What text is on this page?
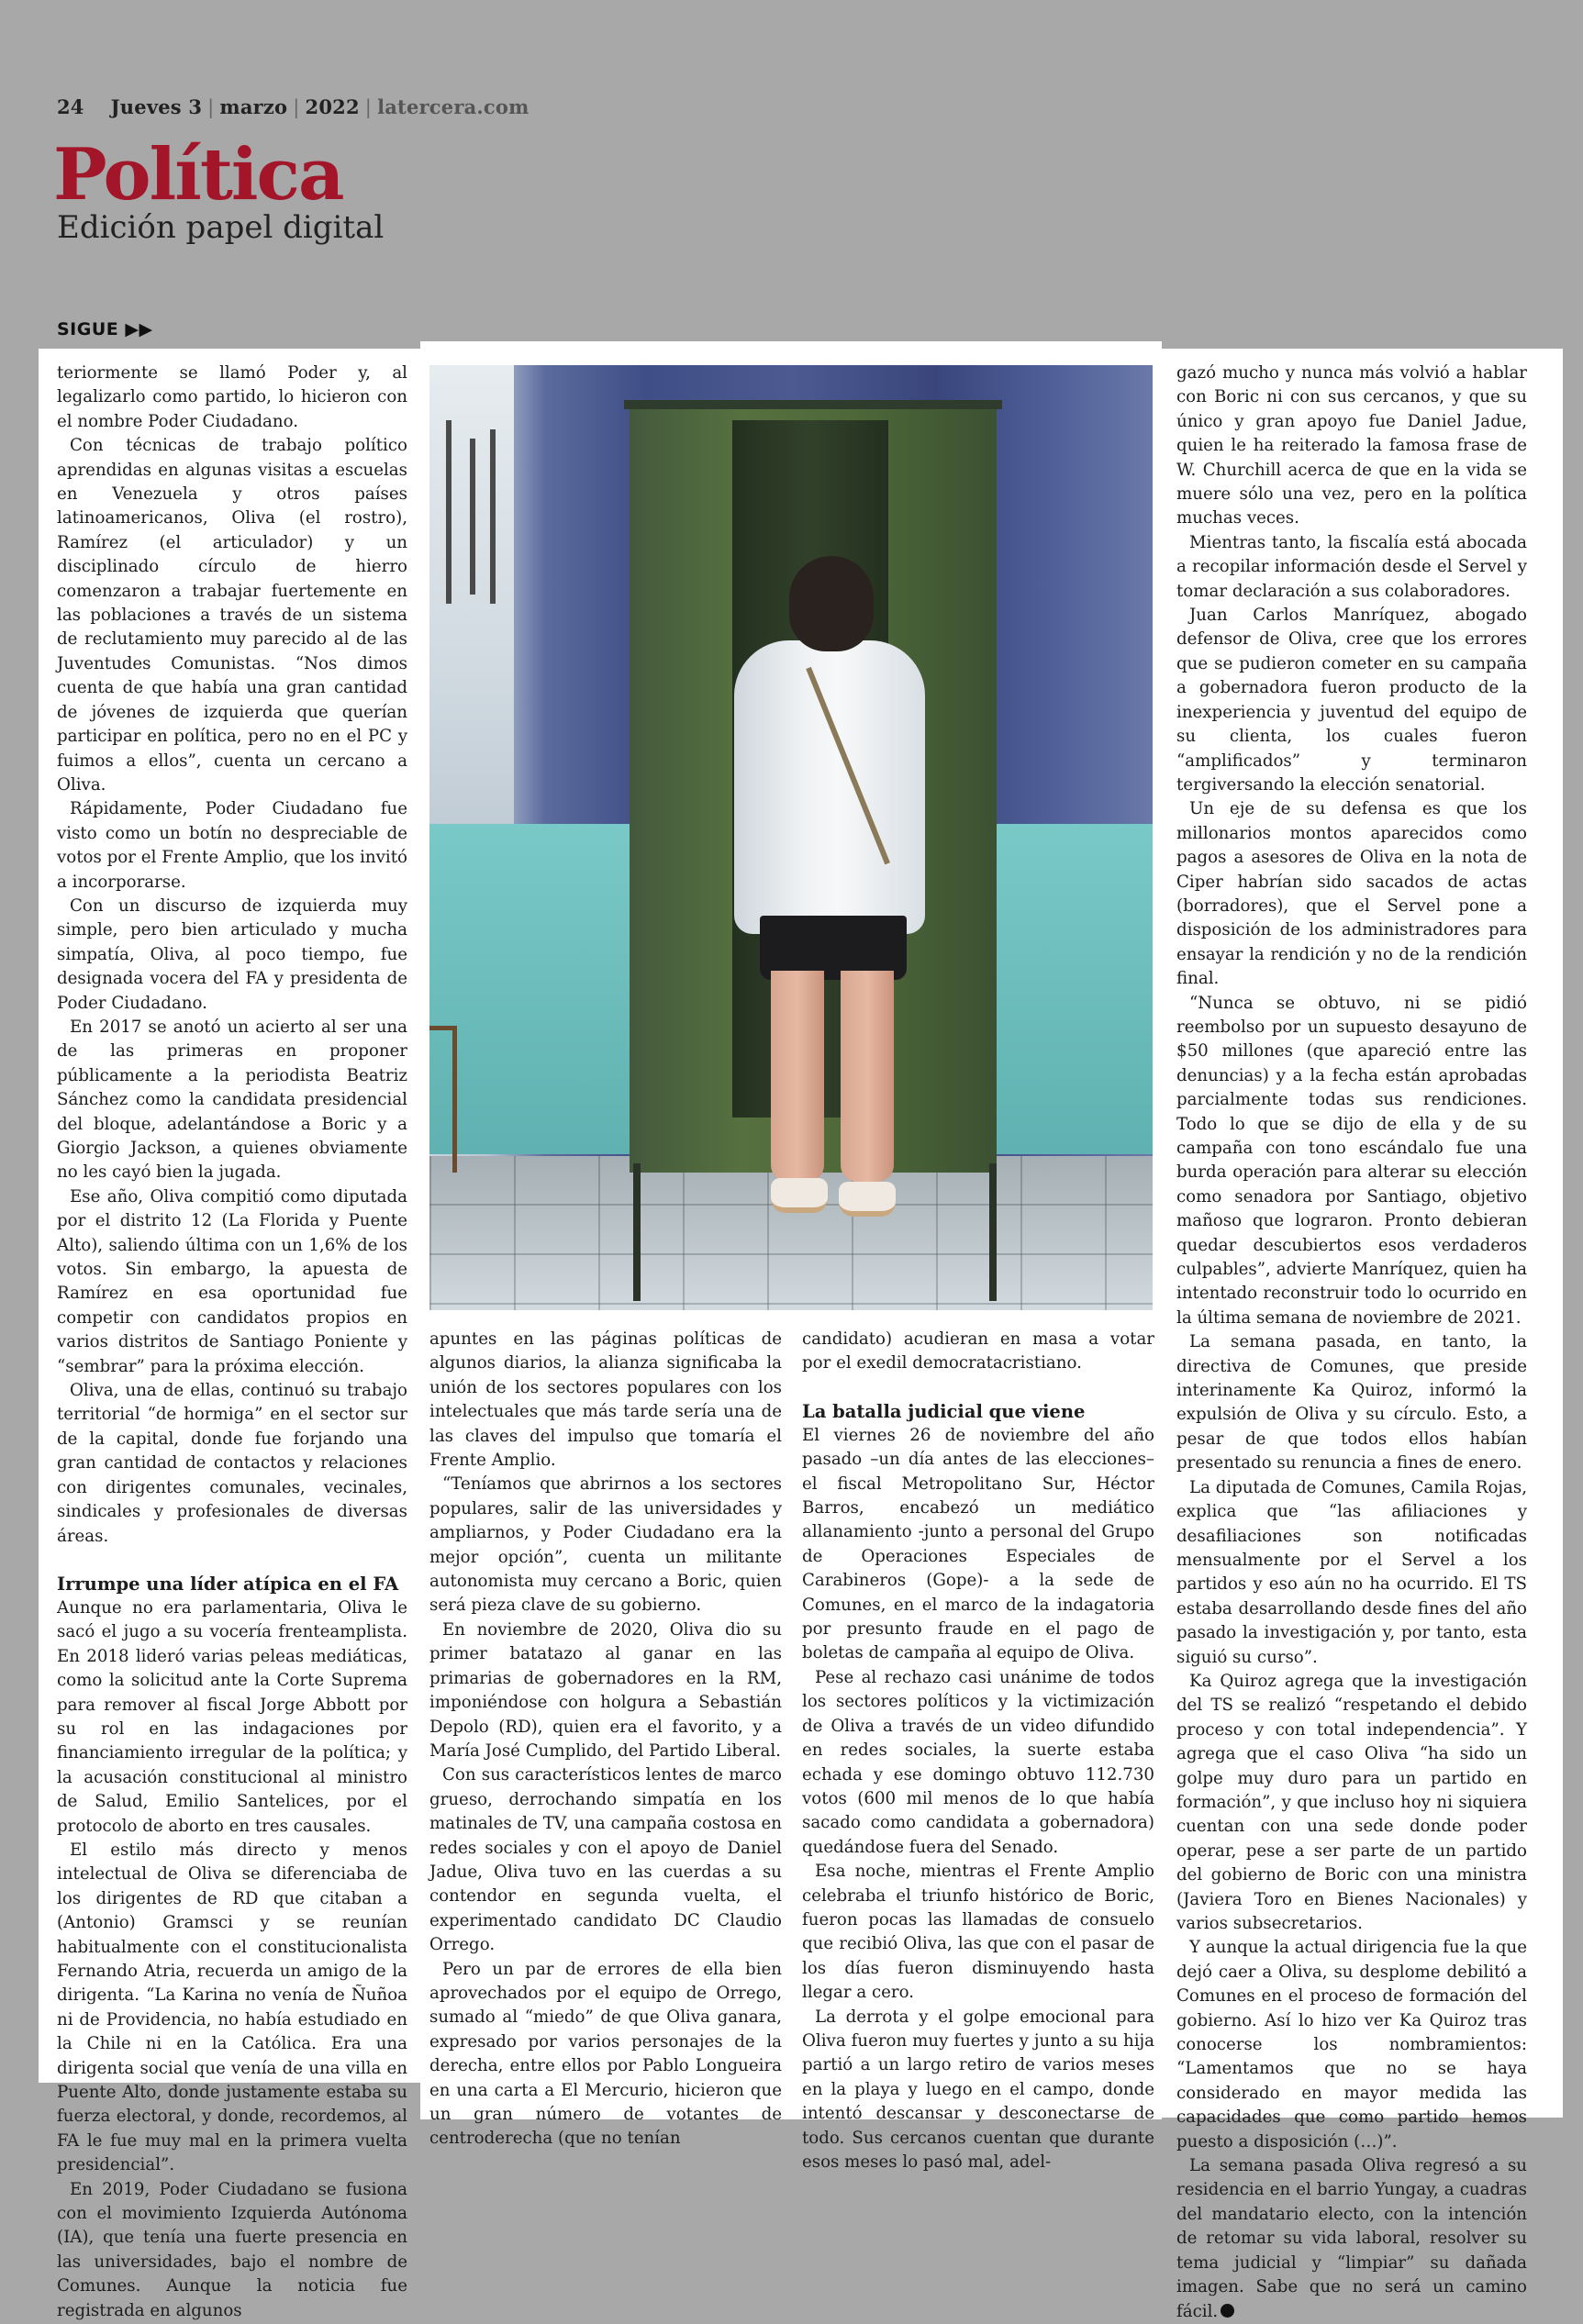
24 Jueves 3 | marzo | 2022 | latercera.com
Política
Edición papel digital
SIGUE ▶▶

teriormente se llamó Poder y, al legalizarlo como partido, lo hicieron con el nombre Poder Ciudadano.

Con técnicas de trabajo político aprendidas en algunas visitas a escuelas en Venezuela y otros países latinoamericanos, Oliva (el rostro), Ramírez (el articulador) y un disciplinado círculo de hierro comenzaron a trabajar fuertemente en las poblaciones a través de un sistema de reclutamiento muy parecido al de las Juventudes Comunistas. “Nos dimos cuenta de que había una gran cantidad de jóvenes de izquierda que querían participar en política, pero no en el PC y fuimos a ellos”, cuenta un cercano a Oliva.

Rápidamente, Poder Ciudadano fue visto como un botín no despreciable de votos por el Frente Amplio, que los invitó a incorporarse.

Con un discurso de izquierda muy simple, pero bien articulado y mucha simpatía, Oliva, al poco tiempo, fue designada vocera del FA y presidenta de Poder Ciudadano.

En 2017 se anotó un acierto al ser una de las primeras en proponer públicamente a la periodista Beatriz Sánchez como la candidata presidencial del bloque, adelantándose a Boric y a Giorgio Jackson, a quienes obviamente no les cayó bien la jugada.

Ese año, Oliva compitió como diputada por el distrito 12 (La Florida y Puente Alto), saliendo última con un 1,6% de los votos. Sin embargo, la apuesta de Ramírez en esa oportunidad fue competir con candidatos propios en varios distritos de Santiago Poniente y “sembrar” para la próxima elección.

Oliva, una de ellas, continuó su trabajo territorial “de hormiga” en el sector sur de la capital, donde fue forjando una gran cantidad de contactos y relaciones con dirigentes comunales, vecinales, sindicales y profesionales de diversas áreas.

Irrumpe una líder atípica en el FA

Aunque no era parlamentaria, Oliva le sacó el jugo a su vocería frenteamplista. En 2018 lideró varias peleas mediáticas, como la solicitud ante la Corte Suprema para remover al fiscal Jorge Abbott por su rol en las indagaciones por financiamiento irregular de la política; y la acusación constitucional al ministro de Salud, Emilio Santelices, por el protocolo de aborto en tres causales.

El estilo más directo y menos intelectual de Oliva se diferenciaba de los dirigentes de RD que citaban a (Antonio) Gramsci y se reunían habitualmente con el constitucionalista Fernando Atria, recuerda un amigo de la dirigenta. “La Karina no venía de Ñuñoa ni de Providencia, no había estudiado en la Chile ni en la Católica. Era una dirigenta social que venía de una villa en Puente Alto, donde justamente estaba su fuerza electoral, y donde, recordemos, al FA le fue muy mal en la primera vuelta presidencial”.

En 2019, Poder Ciudadano se fusiona con el movimiento Izquierda Autónoma (IA), que tenía una fuerte presencia en las universidades, bajo el nombre de Comunes. Aunque la noticia fue registrada en algunos

apuntes en las páginas políticas de algunos diarios, la alianza significaba la unión de los sectores populares con los intelectuales que más tarde sería una de las claves del impulso que tomaría el Frente Amplio.

“Teníamos que abrirnos a los sectores populares, salir de las universidades y ampliarnos, y Poder Ciudadano era la mejor opción”, cuenta un militante autonomista muy cercano a Boric, quien será pieza clave de su gobierno.

En noviembre de 2020, Oliva dio su primer batatazo al ganar en las primarias de gobernadores en la RM, imponiéndose con holgura a Sebastián Depolo (RD), quien era el favorito, y a María José Cumplido, del Partido Liberal.

Con sus característicos lentes de marco grueso, derrochando simpatía en los matinales de TV, una campaña costosa en redes sociales y con el apoyo de Daniel Jadue, Oliva tuvo en las cuerdas a su contendor en segunda vuelta, el experimentado candidato DC Claudio Orrego.

Pero un par de errores de ella bien aprovechados por el equipo de Orrego, sumado al “miedo” de que Oliva ganara, expresado por varios personajes de la derecha, entre ellos por Pablo Longueira en una carta a El Mercurio, hicieron que un gran número de votantes de centroderecha (que no tenían

candidato) acudieran en masa a votar por el exedil democratacristiano.

La batalla judicial que viene

El viernes 26 de noviembre del año pasado –un día antes de las elecciones– el fiscal Metropolitano Sur, Héctor Barros, encabezó un mediático allanamiento -junto a personal del Grupo de Operaciones Especiales de Carabineros (Gope)- a la sede de Comunes, en el marco de la indagatoria por presunto fraude en el pago de boletas de campaña al equipo de Oliva.

Pese al rechazo casi unánime de todos los sectores políticos y la victimización de Oliva a través de un video difundido en redes sociales, la suerte estaba echada y ese domingo obtuvo 112.730 votos (600 mil menos de lo que había sacado como candidata a gobernadora) quedándose fuera del Senado.

Esa noche, mientras el Frente Amplio celebraba el triunfo histórico de Boric, fueron pocas las llamadas de consuelo que recibió Oliva, las que con el pasar de los días fueron disminuyendo hasta llegar a cero.

La derrota y el golpe emocional para Oliva fueron muy fuertes y junto a su hija partió a un largo retiro de varios meses en la playa y luego en el campo, donde intentó descansar y desconectarse de todo. Sus cercanos cuentan que durante esos meses lo pasó mal, adel-

gazó mucho y nunca más volvió a hablar con Boric ni con sus cercanos, y que su único y gran apoyo fue Daniel Jadue, quien le ha reiterado la famosa frase de W. Churchill acerca de que en la vida se muere sólo una vez, pero en la política muchas veces.

Mientras tanto, la fiscalía está abocada a recopilar información desde el Servel y tomar declaración a sus colaboradores.

Juan Carlos Manríquez, abogado defensor de Oliva, cree que los errores que se pudieron cometer en su campaña a gobernadora fueron producto de la inexperiencia y juventud del equipo de su clienta, los cuales fueron “amplificados” y terminaron tergiversando la elección senatorial.

Un eje de su defensa es que los millonarios montos aparecidos como pagos a asesores de Oliva en la nota de Ciper habrían sido sacados de actas (borradores), que el Servel pone a disposición de los administradores para ensayar la rendición y no de la rendición final.

“Nunca se obtuvo, ni se pidió reembolso por un supuesto desayuno de $50 millones (que apareció entre las denuncias) y a la fecha están aprobadas parcialmente todas sus rendiciones. Todo lo que se dijo de ella y de su campaña con tono escándalo fue una burda operación para alterar su elección como senadora por Santiago, objetivo mañoso que lograron. Pronto debieran quedar descubiertos esos verdaderos culpables”, advierte Manríquez, quien ha intentado reconstruir todo lo ocurrido en la última semana de noviembre de 2021.

La semana pasada, en tanto, la directiva de Comunes, que preside interinamente Ka Quiroz, informó la expulsión de Oliva y su círculo. Esto, a pesar de que todos ellos habían presentado su renuncia a fines de enero.

La diputada de Comunes, Camila Rojas, explica que “las afiliaciones y desafiliaciones son notificadas mensualmente por el Servel a los partidos y eso aún no ha ocurrido. El TS estaba desarrollando desde fines del año pasado la investigación y, por tanto, esta siguió su curso”.

Ka Quiroz agrega que la investigación del TS se realizó “respetando el debido proceso y con total independencia”. Y agrega que el caso Oliva “ha sido un golpe muy duro para un partido en formación”, y que incluso hoy ni siquiera cuentan con una sede donde poder operar, pese a ser parte de un partido del gobierno de Boric con una ministra (Javiera Toro en Bienes Nacionales) y varios subsecretarios.

Y aunque la actual dirigencia fue la que dejó caer a Oliva, su desplome debilitó a Comunes en el proceso de formación del gobierno. Así lo hizo ver Ka Quiroz tras conocerse los nombramientos: “Lamentamos que no se haya considerado en mayor medida las capacidades que como partido hemos puesto a disposición (…)”.

La semana pasada Oliva regresó a su residencia en el barrio Yungay, a cuadras del mandatario electo, con la intención de retomar su vida laboral, resolver su tema judicial y “limpiar” su dañada imagen. Sabe que no será un camino fácil.
